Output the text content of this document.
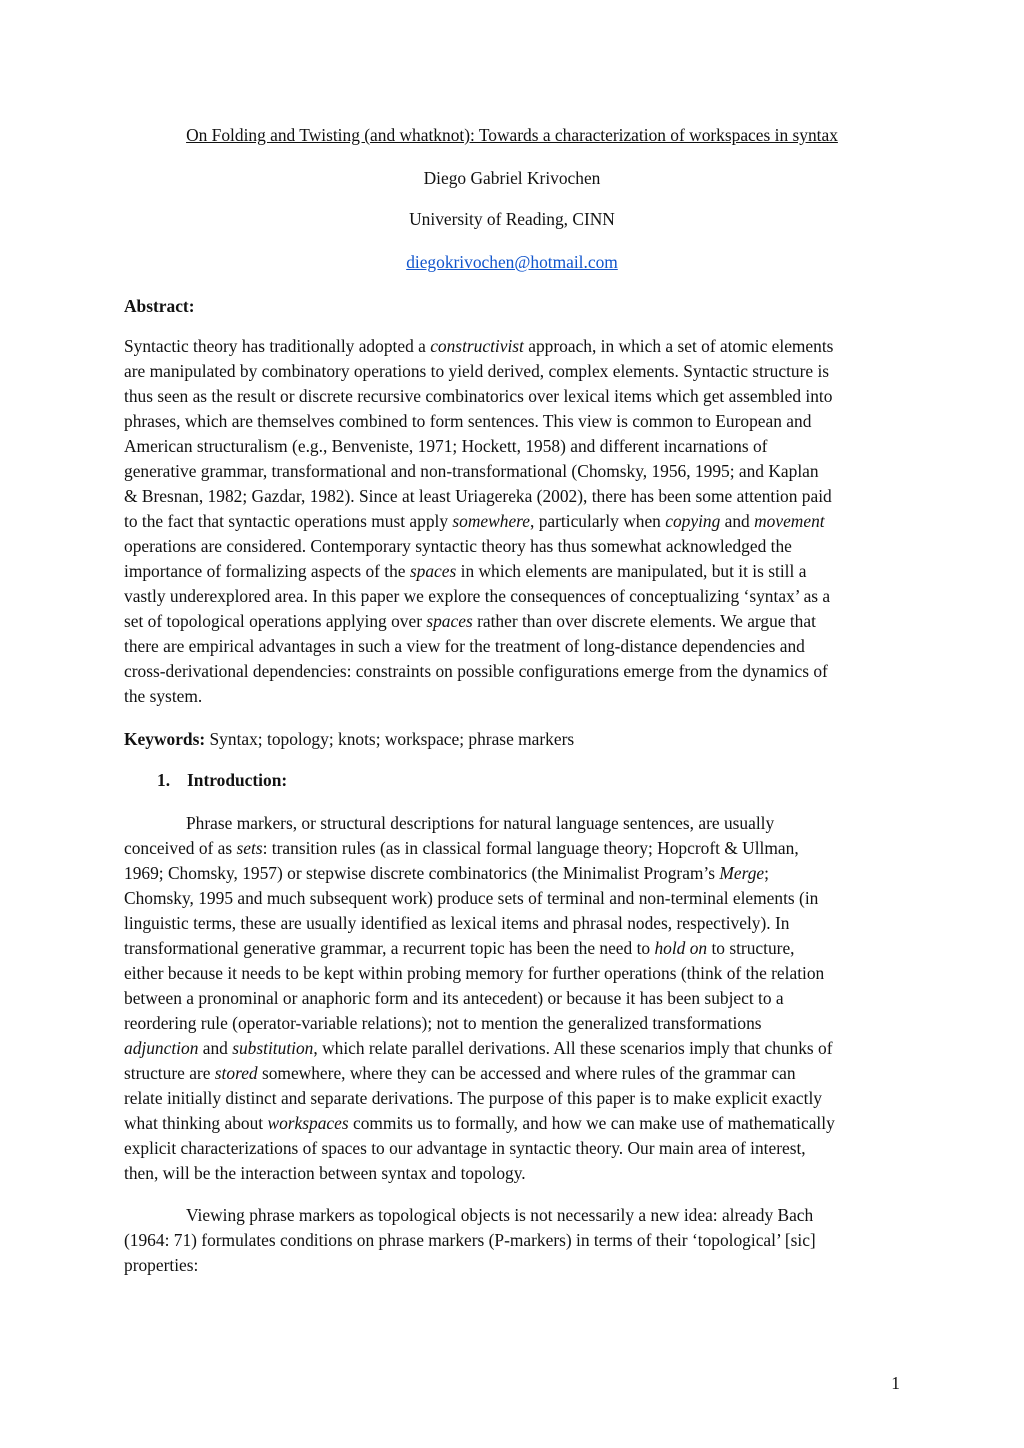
On Folding and Twisting (and whatknot): Towards a characterization of workspaces in syntax
Diego Gabriel Krivochen
University of Reading, CINN
diegokrivochen@hotmail.com
Abstract:

Syntactic theory has traditionally adopted a constructivist approach, in which a set of atomic elements
are manipulated by combinatory operations to yield derived, complex elements. Syntactic structure is
thus seen as the result or discrete recursive combinatorics over lexical items which get assembled into
phrases, which are themselves combined to form sentences. This view is common to European and
American structuralism (e.g., Benveniste, 1971; Hockett, 1958) and different incarnations of
generative grammar, transformational and non-transformational (Chomsky, 1956, 1995; and Kaplan
& Bresnan, 1982; Gazdar, 1982). Since at least Uriagereka (2002), there has been some attention paid
to the fact that syntactic operations must apply somewhere, particularly when copying and movement
operations are considered. Contemporary syntactic theory has thus somewhat acknowledged the
importance of formalizing aspects of the spaces in which elements are manipulated, but it is still a
vastly underexplored area. In this paper we explore the consequences of conceptualizing ‘syntax’ as a
set of topological operations applying over spaces rather than over discrete elements. We argue that
there are empirical advantages in such a view for the treatment of long-distance dependencies and
cross-derivational dependencies: constraints on possible configurations emerge from the dynamics of
the system.

Keywords: Syntax; topology; knots; workspace; phrase markers

1. Introduction:

Phrase markers, or structural descriptions for natural language sentences, are usually
conceived of as sets: transition rules (as in classical formal language theory; Hopcroft & Ullman,
1969; Chomsky, 1957) or stepwise discrete combinatorics (the Minimalist Program’s Merge;
Chomsky, 1995 and much subsequent work) produce sets of terminal and non-terminal elements (in
linguistic terms, these are usually identified as lexical items and phrasal nodes, respectively). In
transformational generative grammar, a recurrent topic has been the need to hold on to structure,
either because it needs to be kept within probing memory for further operations (think of the relation
between a pronominal or anaphoric form and its antecedent) or because it has been subject to a
reordering rule (operator-variable relations); not to mention the generalized transformations
adjunction and substitution, which relate parallel derivations. All these scenarios imply that chunks of
structure are stored somewhere, where they can be accessed and where rules of the grammar can
relate initially distinct and separate derivations. The purpose of this paper is to make explicit exactly
what thinking about workspaces commits us to formally, and how we can make use of mathematically
explicit characterizations of spaces to our advantage in syntactic theory. Our main area of interest,
then, will be the interaction between syntax and topology.

Viewing phrase markers as topological objects is not necessarily a new idea: already Bach
(1964: 71) formulates conditions on phrase markers (P-markers) in terms of their ‘topological’ [sic]
properties:

1
